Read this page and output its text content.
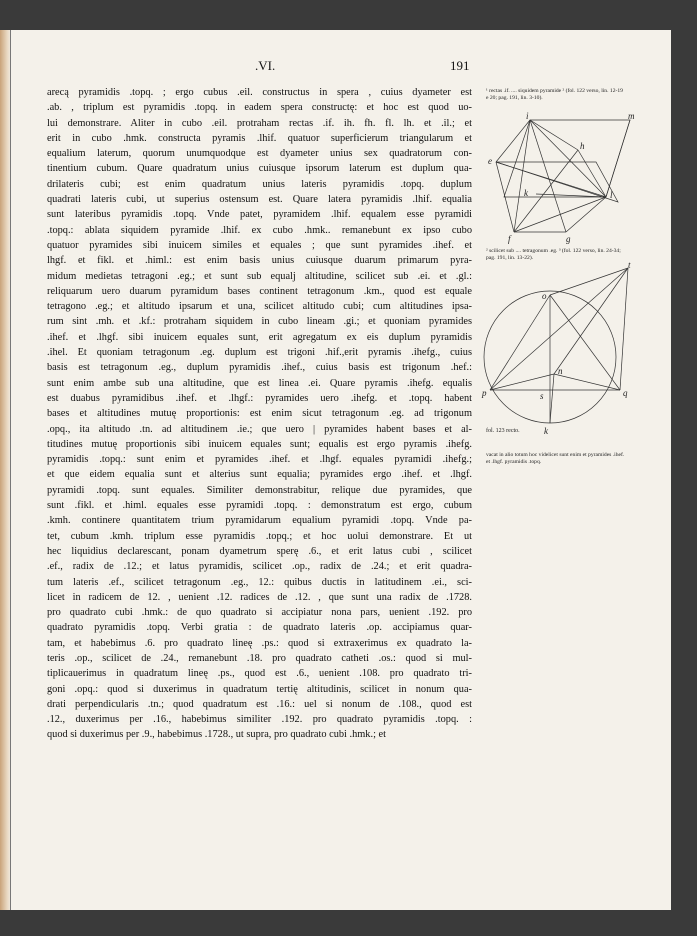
.VI.	191
arecą pyramidis .topq. ; ergo cubus .eil. constructus in spera , cuius dyameter est
.ab. , triplum est pyramidis .topq. in eadem spera constructę: et hoc est quod uo-
lui demonstrare. Aliter in cubo .eil. protraham rectas .if. ih. fh. fl. lh. et .il.; et
erit in cubo .hmk. constructa pyramis .lhif. quatuor superficierum triangularum et
equalium laterum, quorum unumquodque est dyameter unius sex quadratorum con-
tinentium cubum. Quare quadratum unius cuiusque ipsorum laterum est duplum qua-
drilateris cubi; est enim quadratum unius lateris pyramidis .topq. duplum
quadrati lateris cubi, ut superius ostensum est. Quare latera pyramidis .lhif. equalia
sunt lateribus pyramidis .topq. Vnde patet, pyramidem .lhif. equalem esse pyramidi
.topq.: ablata siquidem pyramide .lhif. ex cubo .hmk.. remanebunt ex ipso cubo
quatuor pyramides sibi inuicem similes et equales ; que sunt pyramides .ihef. et
lhgf. et fikl. et .himl.: est enim basis unius cuiusque duarum primarum pyra-
midum medietas tetragoni .eg.; et sunt sub equalj altitudine, scilicet sub .ei. et .gl.:
reliquarum uero duarum pyramidum bases continent tetragonum .km., quod est equale
tetragono .eg.; et altitudo ipsarum et una, scilicet altitudo cubi; cum altitudines ipsa-
rum sint .mh. et .kf.: protraham siquidem in cubo lineam .gi.; et quoniam pyramides
.ihef. et .lhgf. sibi inuicem equales sunt, erit agregatum ex eis duplum pyramidis
.ihel. Et quoniam tetragonum .eg. duplum est trigoni .hif.,erit pyramis .ihefg., cuius
basis est tetragonum .eg., duplum pyramidis .ihef., cuius basis est trigonum .hef.:
sunt enim ambe sub una altitudine, que est linea .ei. Quare pyramis .ihefg. equalis
est duabus pyramidibus .ihef. et .lhgf.: pyramides uero .ihefg. et .topq. habent
bases et altitudines mutuę proportionis: est enim sicut tetragonum .eg. ad trigonum
.opq., ita altitudo .tn. ad altitudinem .ie.; que uero | pyramides habent bases et al-
titudines mutuę proportionis sibi inuicem equales sunt; equalis est ergo pyramis .ihefg.
pyramidis .topq.: sunt enim et pyramides .ihef. et .lhgf. equales pyramidi .ihefg.;
et que eidem equalia sunt et alterius sunt equalia; pyramides ergo .ihef. et .lhgf.
pyramidi .topq. sunt equales. Similiter demonstrabitur, relique due pyramides, que
sunt .fikl. et .himl. equales esse pyramidi .topq. : demonstratum est ergo, cubum
.kmh. continere quantitatem trium pyramidarum equalium pyramidi .topq. Vnde pa-
tet, cubum .kmh. triplum esse pyramidis .topq.; et hoc uolui demonstrare. Et ut
hec liquidius declarescant, ponam dyametrum sperę .6., et erit latus cubi , scilicet
.ef., radix de .12.; et latus pyramidis, scilicet .op., radix de .24.; et erit quadra-
tum lateris .ef., scilicet tetragonum .eg., 12.: quibus ductis in latitudinem .ei., sci-
licet in radicem de 12. , uenient .12. radices de .12. , que sunt una radix de .1728.
pro quadrato cubi .hmk.: de quo quadrato si accipiatur nona pars, uenient .192. pro
quadrato pyramidis .topq. Verbi gratia : de quadrato lateris .op. accipiamus quar-
tam, et habebimus .6. pro quadrato lineę .ps.: quod si extraxerimus ex quadrato la-
teris .op., scilicet de .24., remanebunt .18. pro quadrato catheti .os.: quod si mul-
tiplicauerimus in quadratum lineę .ps., quod est .6., uenient .108. pro quadrato tri-
goni .opq.: quod si duxerimus in quadratum tertię altitudinis, scilicet in nonum qua-
drati perpendicularis .tn.; quod quadratum est .16.: uel si nonum de .108., quod est
.12., duxerimus per .16., habebimus similiter .192. pro quadrato pyramidis .topq. :
quod si duxerimus per .9., habebimus .1728., ut supra, pro quadrato cubi .hmk.; et
¹ rectas .if. .... siquidem pyramide ² (fol. 122 verso, lin. 12-19 e 20; pag. 191, lin. 3-10).
i	m
e
h
k	l
f	g
² scilicet sub .... tetragonum .eg. ³ (fol. 122 verso, lin. 24-34; pag. 191, lin. 13-22).
t
o
n
p	s	q
k
fol. 123 recto.
vacat in alio totum hoc videlicet sunt enim et pyramides .ihef. et .lhgf. pyramidis .topq.
